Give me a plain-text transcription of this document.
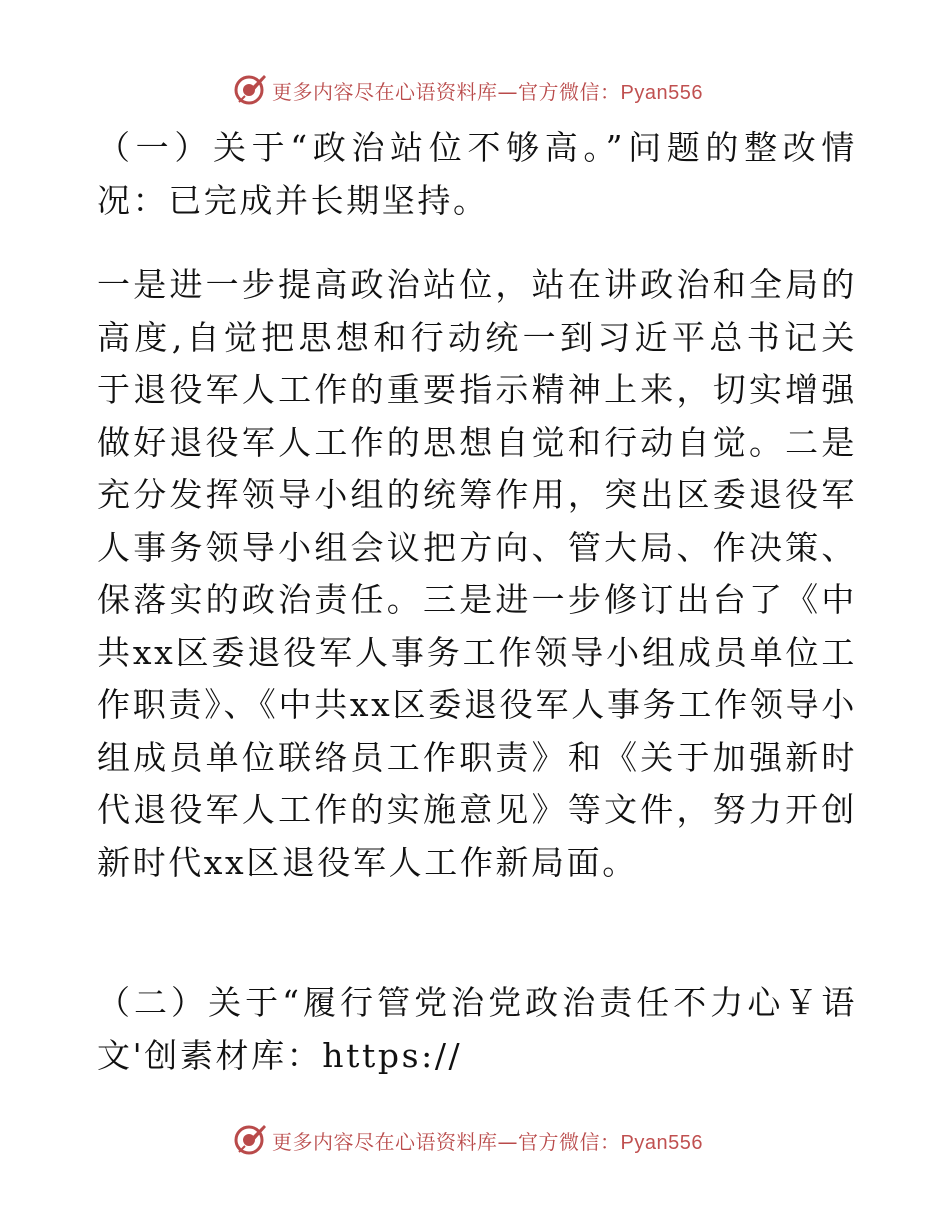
更多内容尽在心语资料库—官方微信：Pyan556

（一）关于“政治站位不够高。”问题的整改情况：已完成并长期坚持。

一是进一步提高政治站位，站在讲政治和全局的高度,自觉把思想和行动统一到习近平总书记关于退役军人工作的重要指示精神上来，切实增强做好退役军人工作的思想自觉和行动自觉。二是充分发挥领导小组的统筹作用，突出区委退役军人事务领导小组会议把方向、管大局、作决策、保落实的政治责任。三是进一步修订出台了《中共xx区委退役军人事务工作领导小组成员单位工作职责》、《中共xx区委退役军人事务工作领导小组成员单位联络员工作职责》和《关于加强新时代退役军人工作的实施意见》等文件，努力开创新时代xx区退役军人工作新局面。

（二）关于“履行管党治党政治责任不力心￥语文'创素材库：https://

更多内容尽在心语资料库—官方微信：Pyan556
